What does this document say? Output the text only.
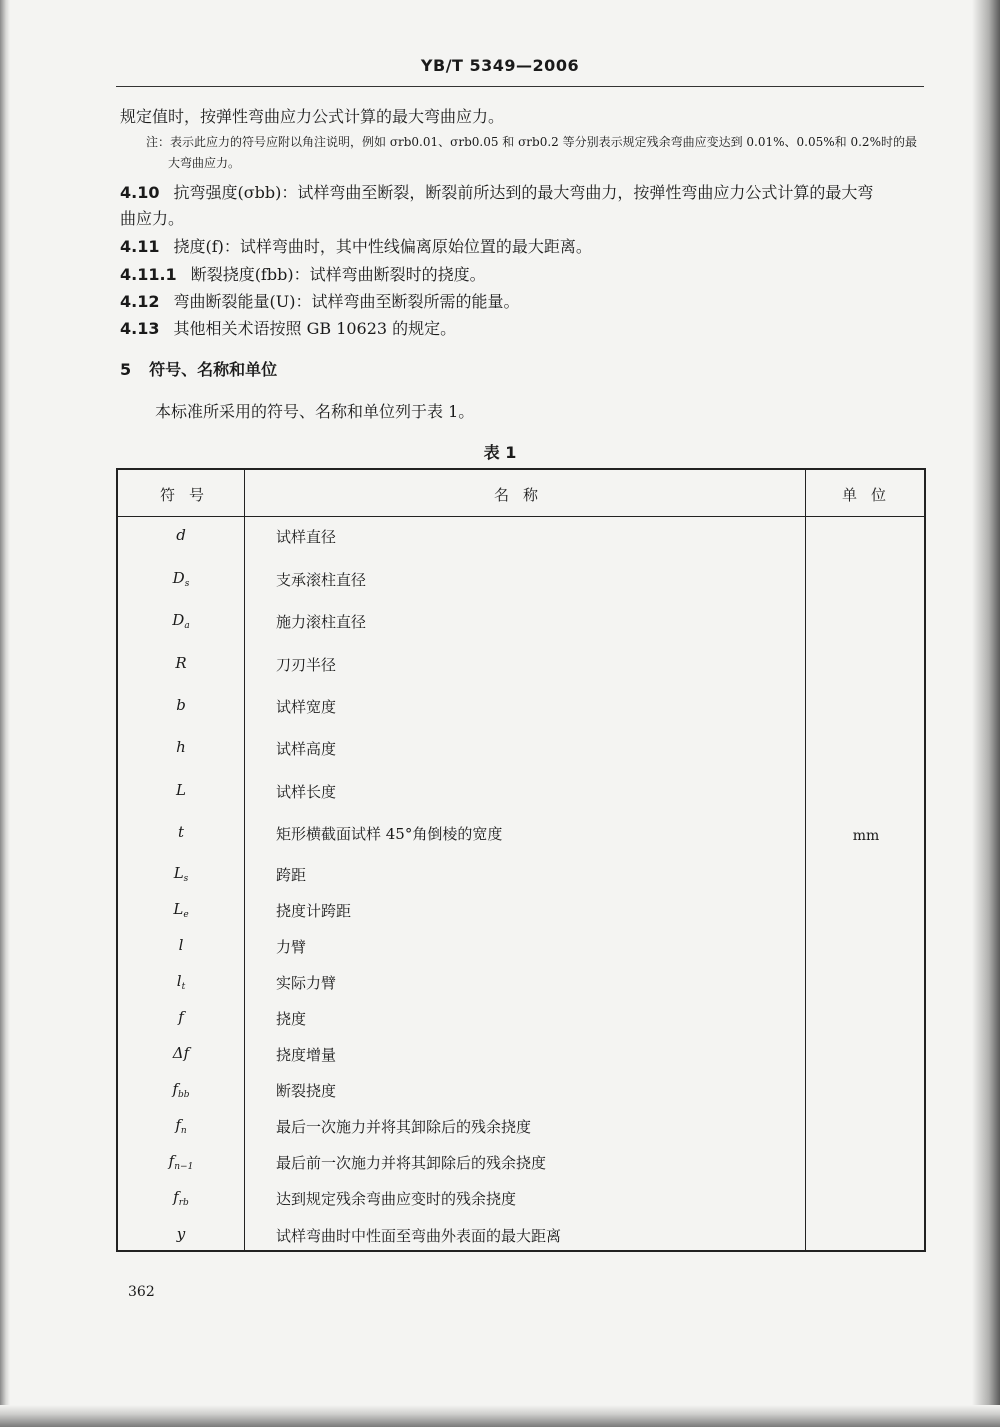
YB/T 5349—2006
规定值时，按弹性弯曲应力公式计算的最大弯曲应力。
注：表示此应力的符号应附以角注说明，例如 σrb0.01、σrb0.05 和 σrb0.2 等分别表示规定残余弯曲应变达到 0.01%、0.05%和 0.2%时的最
大弯曲应力。
4.10 抗弯强度(σbb)：试样弯曲至断裂，断裂前所达到的最大弯曲力，按弹性弯曲应力公式计算的最大弯
曲应力。
4.11 挠度(f)：试样弯曲时，其中性线偏离原始位置的最大距离。
4.11.1 断裂挠度(fbb)：试样弯曲断裂时的挠度。
4.12 弯曲断裂能量(U)：试样弯曲至断裂所需的能量。
4.13 其他相关术语按照 GB 10623 的规定。
5 符号、名称和单位
本标准所采用的符号、名称和单位列于表 1。
表 1
符号	名称	单位
d	试样直径
$D_s$	支承滚柱直径
$D_a$	施力滚柱直径
R	刀刃半径
b	试样宽度
h	试样高度
L	试样长度
t	矩形横截面试样 45°角倒棱的宽度
$L_s$	跨距
$L_e$	挠度计跨距
l	力臂
$l_t$	实际力臂
f	挠度
Δf	挠度增量
$f_{bb}$	断裂挠度
$f_n$	最后一次施力并将其卸除后的残余挠度
$f_{n-1}$	最后前一次施力并将其卸除后的残余挠度
$f_{rb}$	达到规定残余弯曲应变时的残余挠度
y	试样弯曲时中性面至弯曲外表面的最大距离
mm
362
